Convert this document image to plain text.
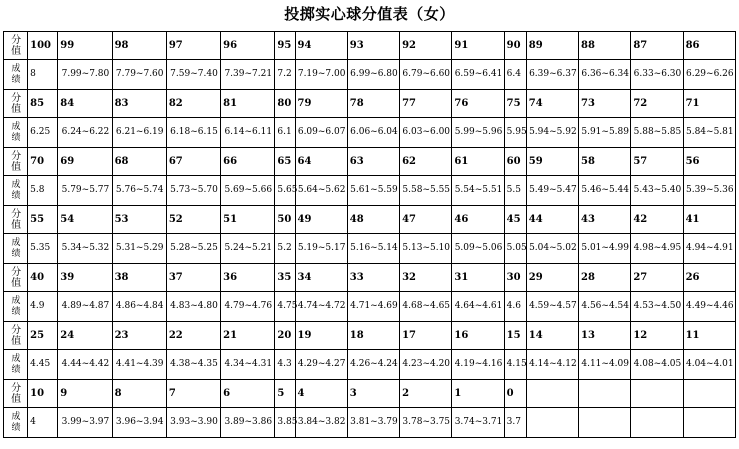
投掷实心球分值表（女）
分
值	100	99	98	97	96	95	94	93	92	91	90	89	88	87	86

成
绩	8	7.99~7.80	7.79~7.60	7.59~7.40	7.39~7.21	7.2	7.19~7.00	6.99~6.80	6.79~6.60	6.59~6.41	6.4	6.39~6.37	6.36~6.34	6.33~6.30	6.29~6.26

分
值	85	84	83	82	81	80	79	78	77	76	75	74	73	72	71

成
绩	6.25	6.24~6.22	6.21~6.19	6.18~6.15	6.14~6.11	6.1	6.09~6.07	6.06~6.04	6.03~6.00	5.99~5.96	5.95	5.94~5.92	5.91~5.89	5.88~5.85	5.84~5.81

分
值	70	69	68	67	66	65	64	63	62	61	60	59	58	57	56

成
绩	5.8	5.79~5.77	5.76~5.74	5.73~5.70	5.69~5.66	5.65	5.64~5.62	5.61~5.59	5.58~5.55	5.54~5.51	5.5	5.49~5.47	5.46~5.44	5.43~5.40	5.39~5.36

分
值	55	54	53	52	51	50	49	48	47	46	45	44	43	42	41

成
绩	5.35	5.34~5.32	5.31~5.29	5.28~5.25	5.24~5.21	5.2	5.19~5.17	5.16~5.14	5.13~5.10	5.09~5.06	5.05	5.04~5.02	5.01~4.99	4.98~4.95	4.94~4.91

分
值	40	39	38	37	36	35	34	33	32	31	30	29	28	27	26

成
绩	4.9	4.89~4.87	4.86~4.84	4.83~4.80	4.79~4.76	4.75	4.74~4.72	4.71~4.69	4.68~4.65	4.64~4.61	4.6	4.59~4.57	4.56~4.54	4.53~4.50	4.49~4.46

分
值	25	24	23	22	21	20	19	18	17	16	15	14	13	12	11

成
绩	4.45	4.44~4.42	4.41~4.39	4.38~4.35	4.34~4.31	4.3	4.29~4.27	4.26~4.24	4.23~4.20	4.19~4.16	4.15	4.14~4.12	4.11~4.09	4.08~4.05	4.04~4.01

分
值	10	9	8	7	6	5	4	3	2	1	0				

成
绩	4	3.99~3.97	3.96~3.94	3.93~3.90	3.89~3.86	3.85	3.84~3.82	3.81~3.79	3.78~3.75	3.74~3.71	3.7				
